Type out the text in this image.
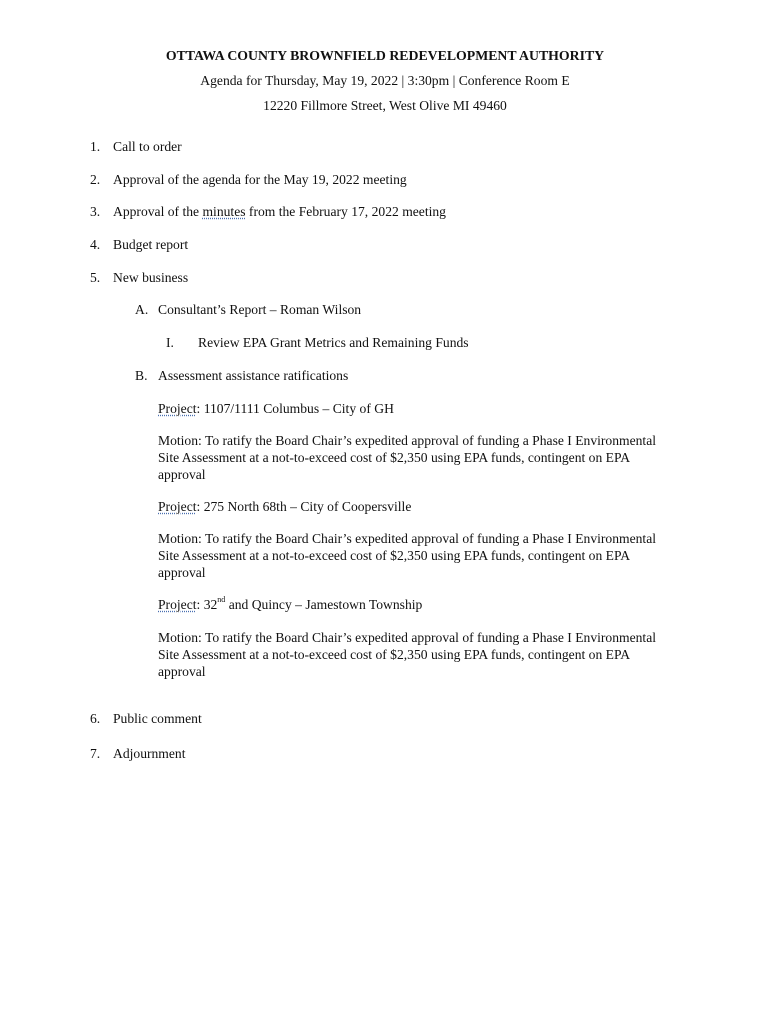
OTTAWA COUNTY BROWNFIELD REDEVELOPMENT AUTHORITY
Agenda for Thursday, May 19, 2022 | 3:30pm | Conference Room E
12220 Fillmore Street, West Olive MI 49460
1. Call to order
2. Approval of the agenda for the May 19, 2022 meeting
3. Approval of the minutes from the February 17, 2022 meeting
4. Budget report
5. New business
A. Consultant’s Report – Roman Wilson
I. Review EPA Grant Metrics and Remaining Funds
B. Assessment assistance ratifications
Project: 1107/1111 Columbus – City of GH
Motion: To ratify the Board Chair’s expedited approval of funding a Phase I Environmental Site Assessment at a not-to-exceed cost of $2,350 using EPA funds, contingent on EPA approval
Project: 275 North 68th – City of Coopersville
Motion: To ratify the Board Chair’s expedited approval of funding a Phase I Environmental Site Assessment at a not-to-exceed cost of $2,350 using EPA funds, contingent on EPA approval
Project: 32nd and Quincy – Jamestown Township
Motion: To ratify the Board Chair’s expedited approval of funding a Phase I Environmental Site Assessment at a not-to-exceed cost of $2,350 using EPA funds, contingent on EPA approval
6. Public comment
7. Adjournment
